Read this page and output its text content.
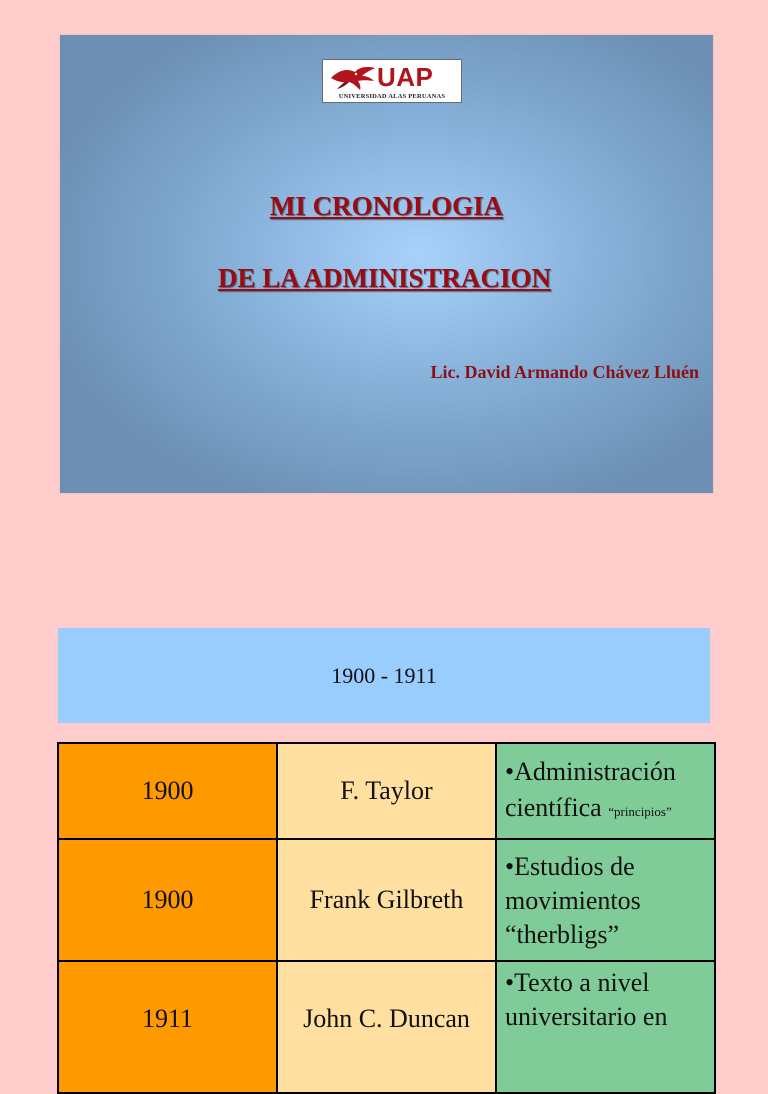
UAP
UNIVERSIDAD ALAS PERUANAS
MI CRONOLOGIA
DE LA ADMINISTRACION
Lic. David Armando Chávez Lluén
1900 - 1911
1900	F. Taylor	•Administración científica “principios”

1900	Frank Gilbreth	•Estudios de movimientos
“therbligs”

1911	John C. Duncan	•Texto a nivel universitario en
